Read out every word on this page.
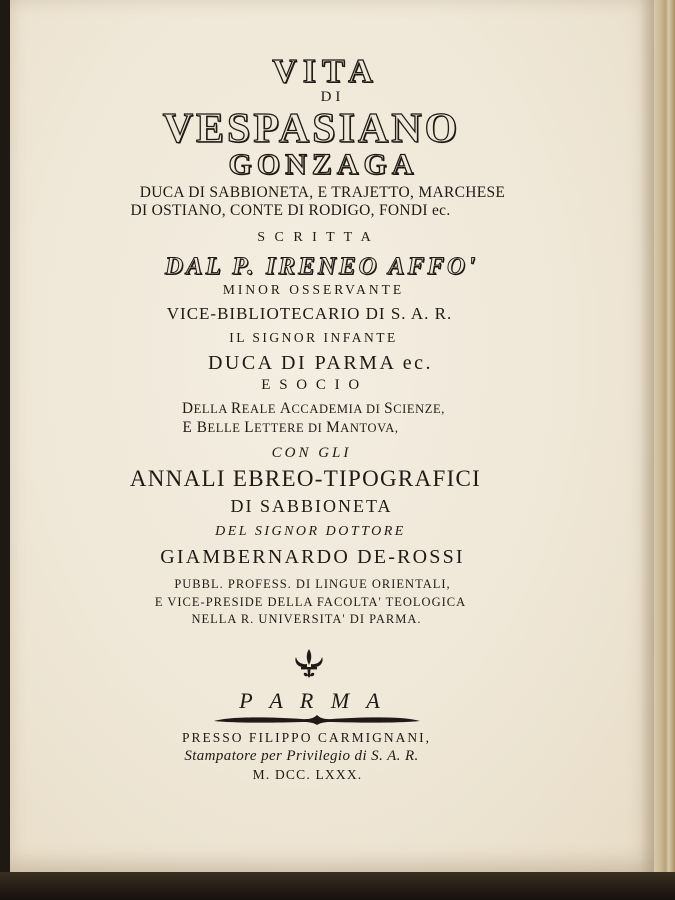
VITA
DI
VESPASIANO
GONZAGA
DUCA DI SABBIONETA, E TRAJETTO, MARCHESE
DI OSTIANO, CONTE DI RODIGO, FONDI ec.
S C R I T T A
DAL P. IRENEO AFFO'
MINOR OSSERVANTE
VICE-BIBLIOTECARIO DI S. A. R.
IL SIGNOR INFANTE
DUCA DI PARMA ec.
E S O C I O
DELLA REALE ACCADEMIA DI SCIENZE,
E BELLE LETTERE DI MANTOVA,
CON GLI
ANNALI EBREO-TIPOGRAFICI
DI SABBIONETA
DEL SIGNOR DOTTORE
GIAMBERNARDO DE-ROSSI
PUBBL. PROFESS. DI LINGUE ORIENTALI,
E VICE-PRESIDE DELLA FACOLTA' TEOLOGICA
NELLA R. UNIVERSITA' DI PARMA.
P A R M A
PRESSO FILIPPO CARMIGNANI,
Stampatore per Privilegio di S. A. R.
M. DCC. LXXX.
